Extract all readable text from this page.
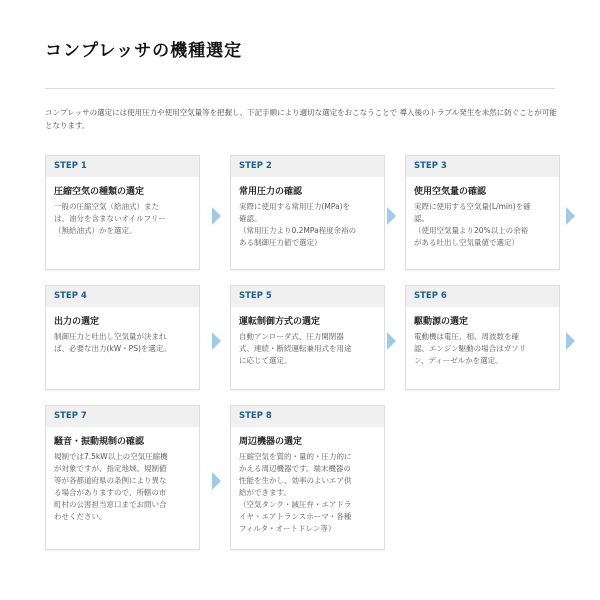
コンプレッサの機種選定
コンプレッサの選定には使用圧力や使用空気量等を把握し、下記手順により適切な選定をおこなうことで 導入後のトラブル発生を未然に防ぐことが可能となります。
STEP 1
圧縮空気の種類の選定
一般の圧縮空気（給油式）また
は、油分を含まないオイルフリー
（無給油式）かを選定。
STEP 2
常用圧力の確認
実際に使用する常用圧力(MPa)を
確認。
（常用圧力より0.2MPa程度余裕の
ある制御圧力値で選定）
STEP 3
使用空気量の確認
実際に使用する空気量(L/min)を確
認。
（使用空気量より20%以上の余裕
がある吐出し空気量値で選定）
STEP 4
出力の選定
制御圧力と吐出し空気量が決まれ
ば、必要な出力(kW・PS)を選定。
STEP 5
運転制御方式の選定
自動アンローダ式、圧力開閉器
式、連続・断続運転兼用式を用途
に応じて選定。
STEP 6
駆動源の選定
電動機は電圧、相、周波数を確
認、エンジン駆動の場合はガソリ
ン、ディーゼルかを選定。
STEP 7
騒音・振動規制の確認
規制では7.5kW以上の空気圧縮機
が対象ですが、指定地域、規制値
等が各都道府県の条例により異な
る場合がありますので、所轄の市
町村の公害担当窓口までお問い合
わせください。
STEP 8
周辺機器の選定
圧縮空気を質的・量的・圧力的に
かえる周辺機器です。端末機器の
性能を生かし、効率のよいエア供
給ができます。
（空気タンク・減圧弁・エアドラ
イヤ・エアトランスホーマ・各種
フィルタ・オートドレン等）
